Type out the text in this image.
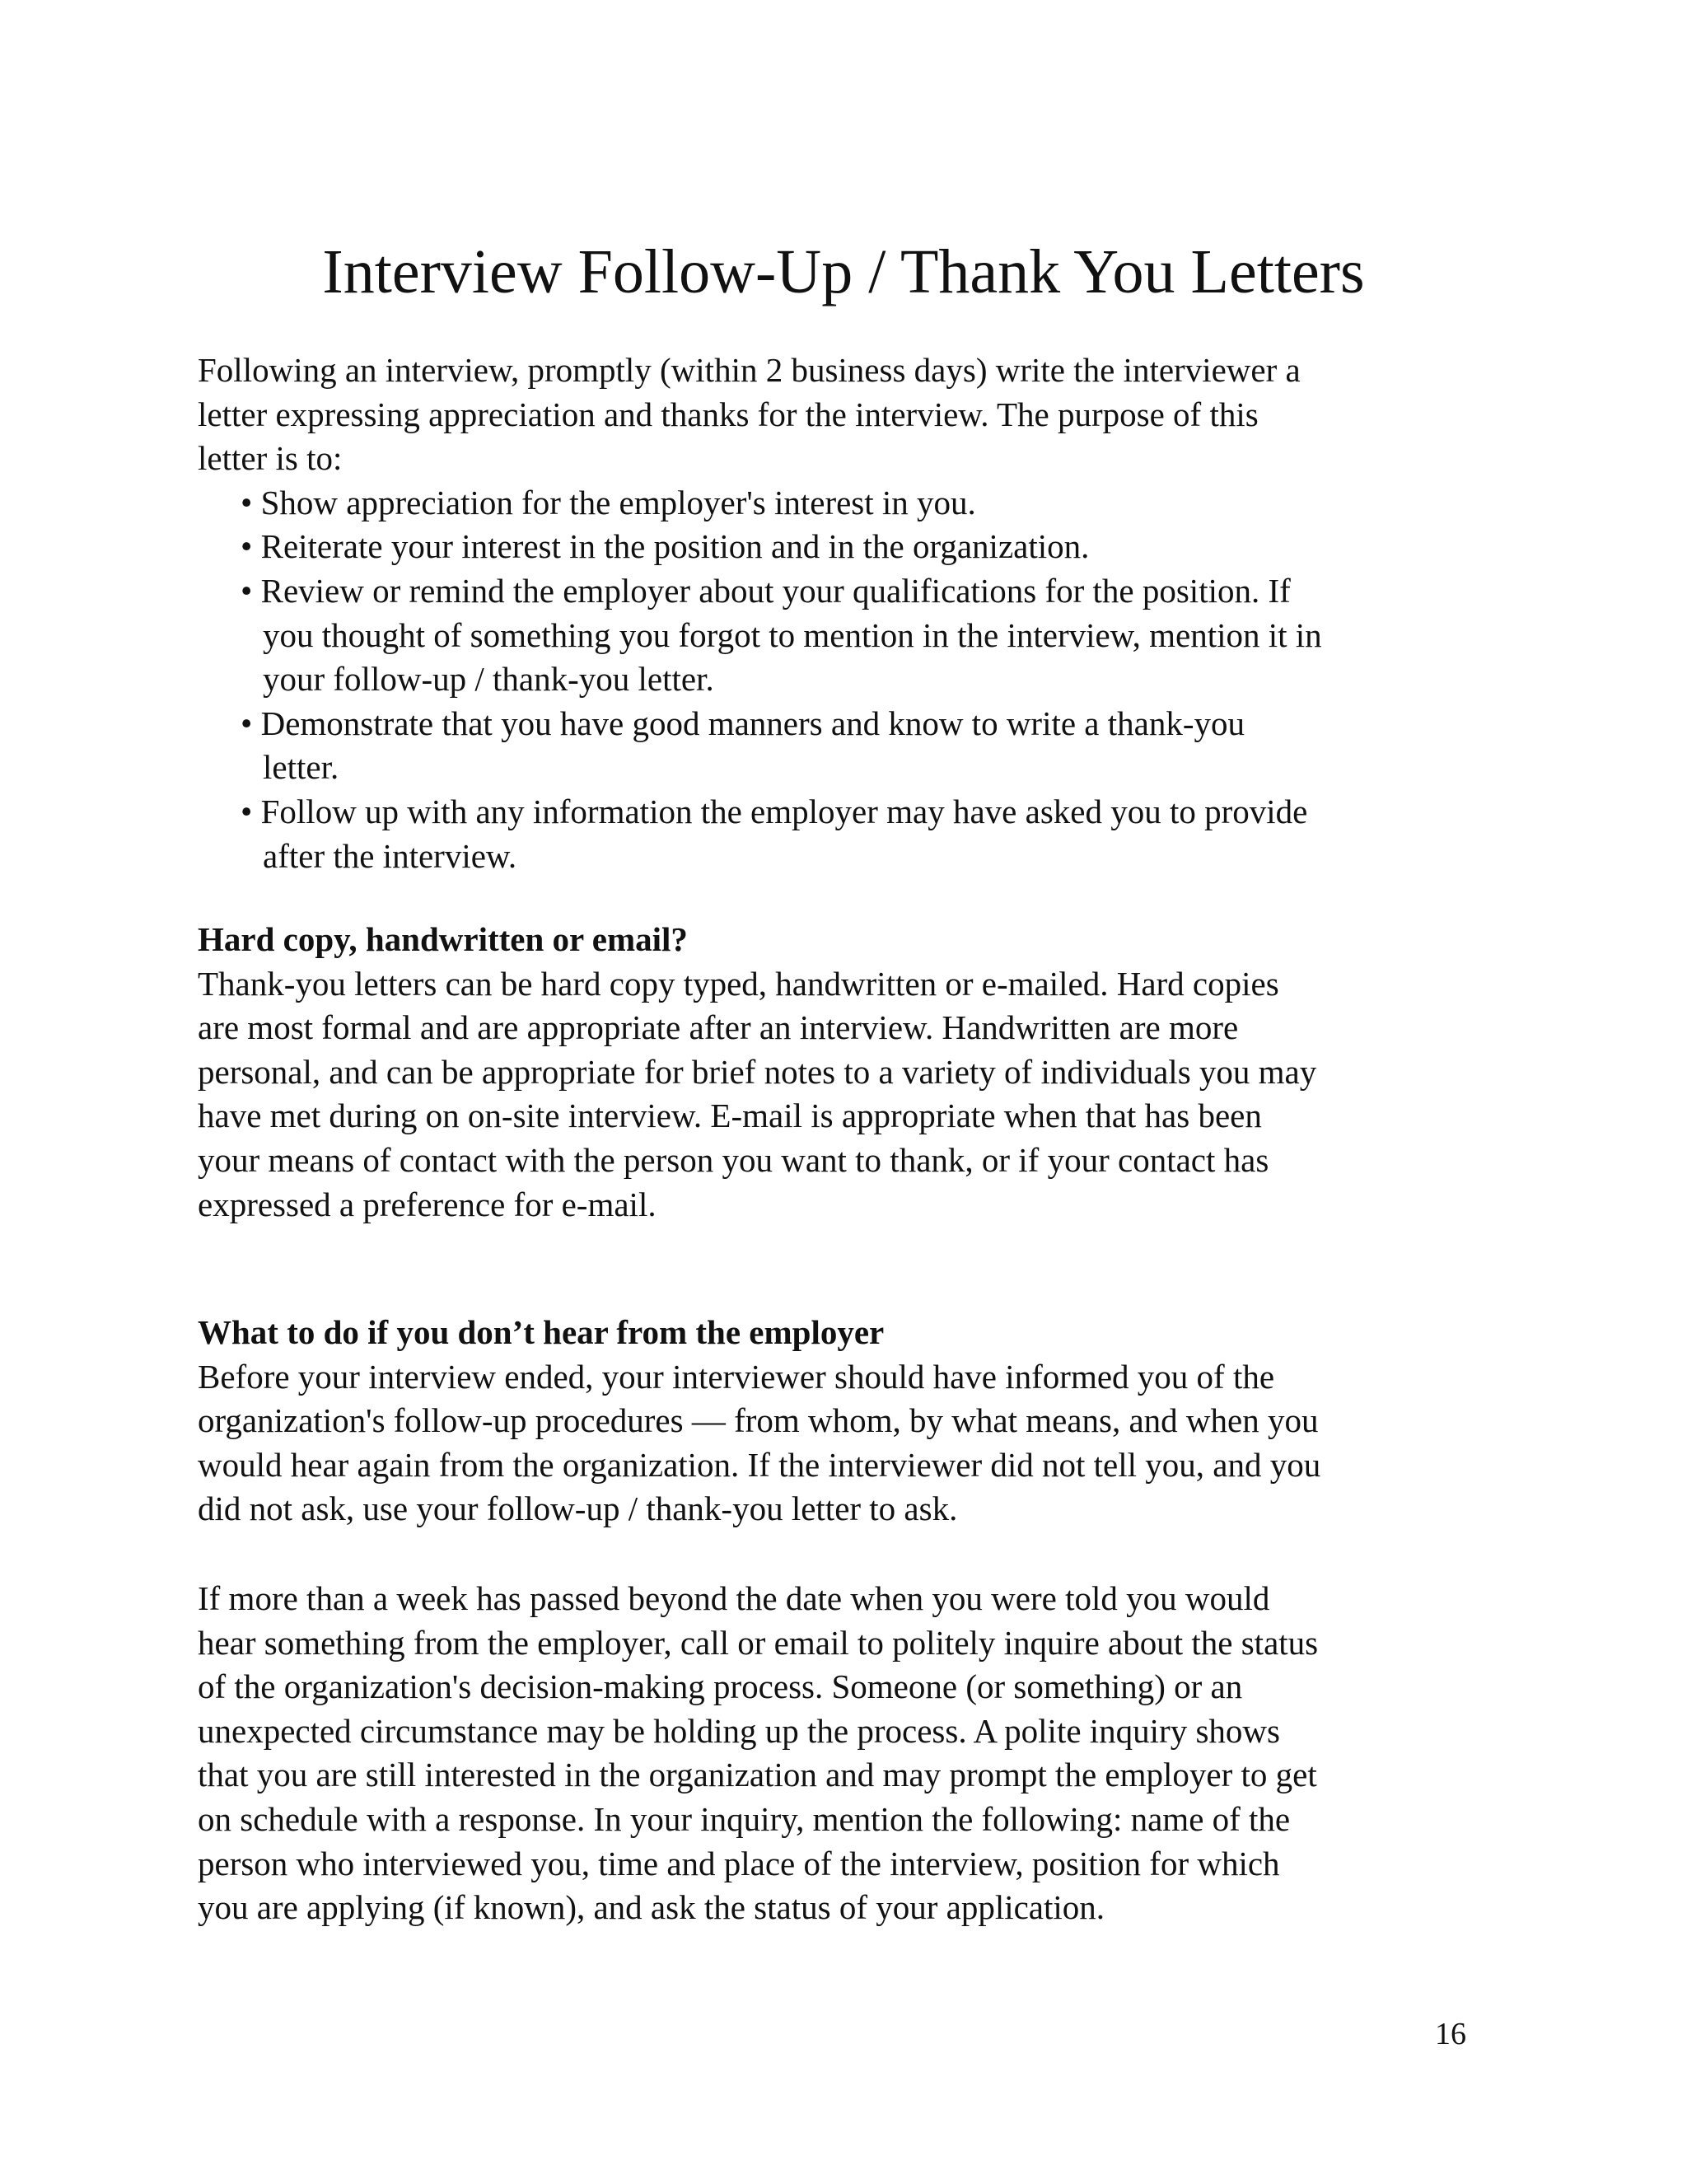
Interview Follow-Up / Thank You Letters

Following an interview, promptly (within 2 business days) write the interviewer a
letter expressing appreciation and thanks for the interview. The purpose of this
letter is to:

• Show appreciation for the employer's interest in you.
• Reiterate your interest in the position and in the organization.
• Review or remind the employer about your qualifications for the position. If
you thought of something you forgot to mention in the interview, mention it in
your follow-up / thank-you letter.
• Demonstrate that you have good manners and know to write a thank-you
letter.
• Follow up with any information the employer may have asked you to provide
after the interview.

Hard copy, handwritten or email?

Thank-you letters can be hard copy typed, handwritten or e-mailed. Hard copies
are most formal and are appropriate after an interview. Handwritten are more
personal, and can be appropriate for brief notes to a variety of individuals you may
have met during on on-site interview. E-mail is appropriate when that has been
your means of contact with the person you want to thank, or if your contact has
expressed a preference for e-mail.

What to do if you don’t hear from the employer

Before your interview ended, your interviewer should have informed you of the
organization's follow-up procedures — from whom, by what means, and when you
would hear again from the organization. If the interviewer did not tell you, and you
did not ask, use your follow-up / thank-you letter to ask.

If more than a week has passed beyond the date when you were told you would
hear something from the employer, call or email to politely inquire about the status
of the organization's decision-making process. Someone (or something) or an
unexpected circumstance may be holding up the process. A polite inquiry shows
that you are still interested in the organization and may prompt the employer to get
on schedule with a response. In your inquiry, mention the following: name of the
person who interviewed you, time and place of the interview, position for which
you are applying (if known), and ask the status of your application.

16
